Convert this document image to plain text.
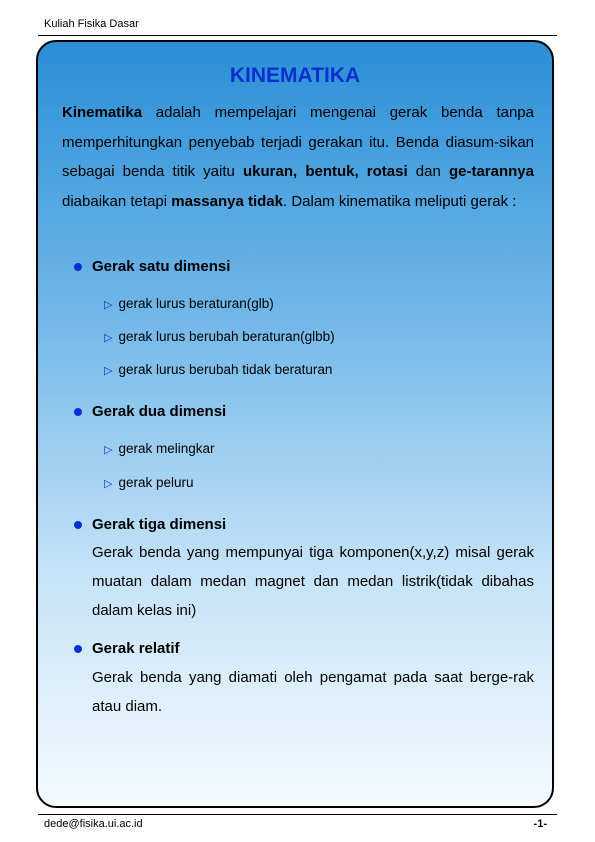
Kuliah Fisika Dasar
KINEMATIKA

Kinematika adalah mempelajari mengenai gerak benda tanpa memperhitungkan penyebab terjadi gerakan itu. Benda diasum-sikan sebagai benda titik yaitu ukuran, bentuk, rotasi dan ge-tarannya diabaikan tetapi massanya tidak. Dalam kinematika meliputi gerak :

Gerak satu dimensi
▷ gerak lurus beraturan(glb)
▷ gerak lurus berubah beraturan(glbb)
▷ gerak lurus berubah tidak beraturan
Gerak dua dimensi
▷ gerak melingkar
▷ gerak peluru
Gerak tiga dimensi

Gerak benda yang mempunyai tiga komponen(x,y,z) misal gerak muatan dalam medan magnet dan medan listrik(tidak dibahas dalam kelas ini)

Gerak relatif

Gerak benda yang diamati oleh pengamat pada saat berge-rak atau diam.

dede@fisika.ui.ac.id	-1-
